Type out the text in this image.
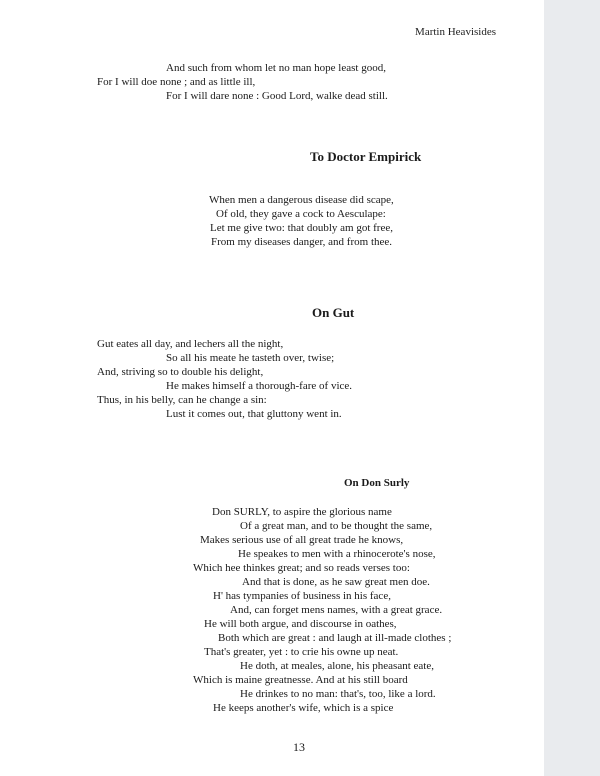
Martin Heavisides
And such from whom let no man hope least good,
For I will doe none ; and as little ill,
For I will dare none : Good Lord, walke dead still.
To Doctor Empirick
When men a dangerous disease did scape,
Of old, they gave a cock to Aesculape:
Let me give two: that doubly am got free,
From my diseases danger, and from thee.
On Gut
Gut eates all day, and lechers all the night,
So all his meate he tasteth over, twise;
And, striving so to double his delight,
He makes himself a thorough-fare of vice.
Thus, in his belly, can he change a sin:
Lust it comes out, that gluttony went in.
On Don Surly
Don SURLY, to aspire the glorious name
Of a great man, and to be thought the same,
Makes serious use of all great trade he knows,
He speakes to men with a rhinocerote's nose,
Which hee thinkes great; and so reads verses too:
And that is done, as he saw great men doe.
H' has tympanies of business in his face,
And, can forget mens names, with a great grace.
He will both argue, and discourse in oathes,
Both which are great : and laugh at ill-made clothes ;
That's greater, yet : to crie his owne up neat.
He doth, at meales, alone, his pheasant eate,
Which is maine greatnesse. And at his still board
He drinkes to no man: that's, too, like a lord.
He keeps another's wife, which is a spice
13
